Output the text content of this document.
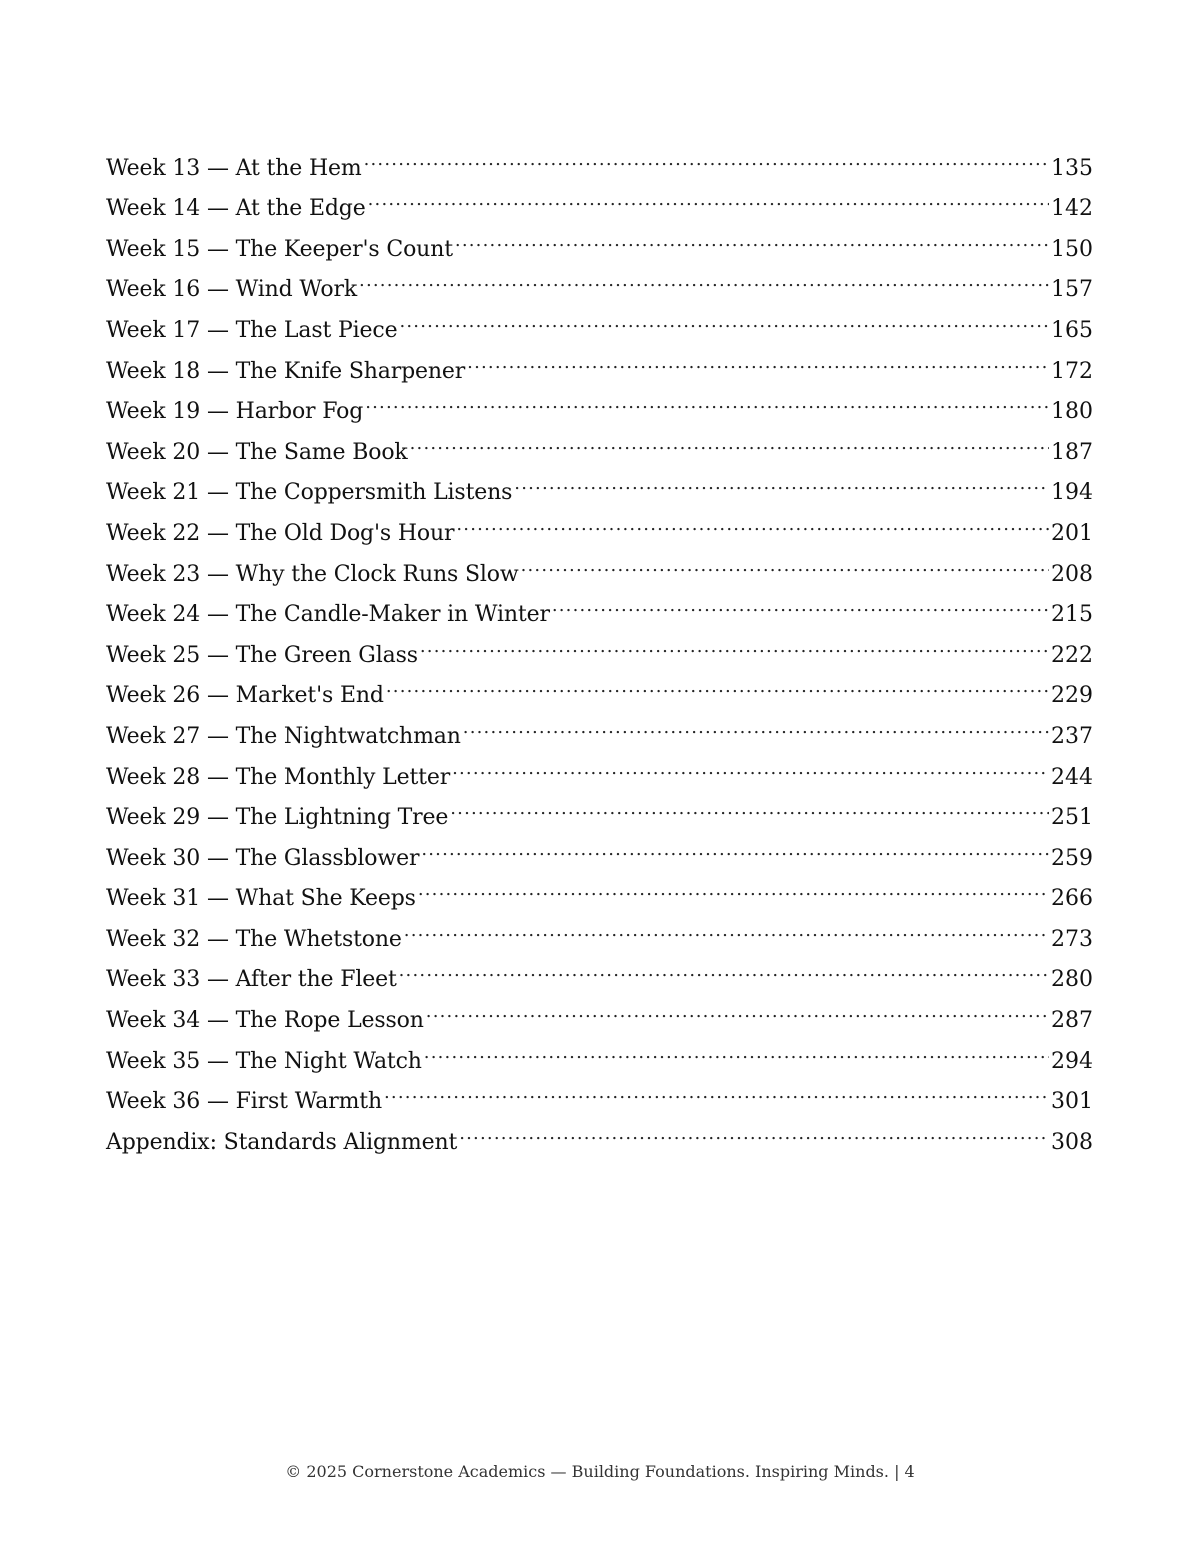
Week 13 — At the Hem .....	135
Week 14 — At the Edge .....	142
Week 15 — The Keeper's Count .....	150
Week 16 — Wind Work .....	157
Week 17 — The Last Piece .....	165
Week 18 — The Knife Sharpener .....	172
Week 19 — Harbor Fog .....	180
Week 20 — The Same Book .....	187
Week 21 — The Coppersmith Listens .....	194
Week 22 — The Old Dog's Hour .....	201
Week 23 — Why the Clock Runs Slow .....	208
Week 24 — The Candle-Maker in Winter .....	215
Week 25 — The Green Glass .....	222
Week 26 — Market's End .....	229
Week 27 — The Nightwatchman .....	237
Week 28 — The Monthly Letter .....	244
Week 29 — The Lightning Tree .....	251
Week 30 — The Glassblower .....	259
Week 31 — What She Keeps .....	266
Week 32 — The Whetstone .....	273
Week 33 — After the Fleet .....	280
Week 34 — The Rope Lesson .....	287
Week 35 — The Night Watch .....	294
Week 36 — First Warmth .....	301
Appendix: Standards Alignment .....	308
© 2025 Cornerstone Academics — Building Foundations. Inspiring Minds. | 4
